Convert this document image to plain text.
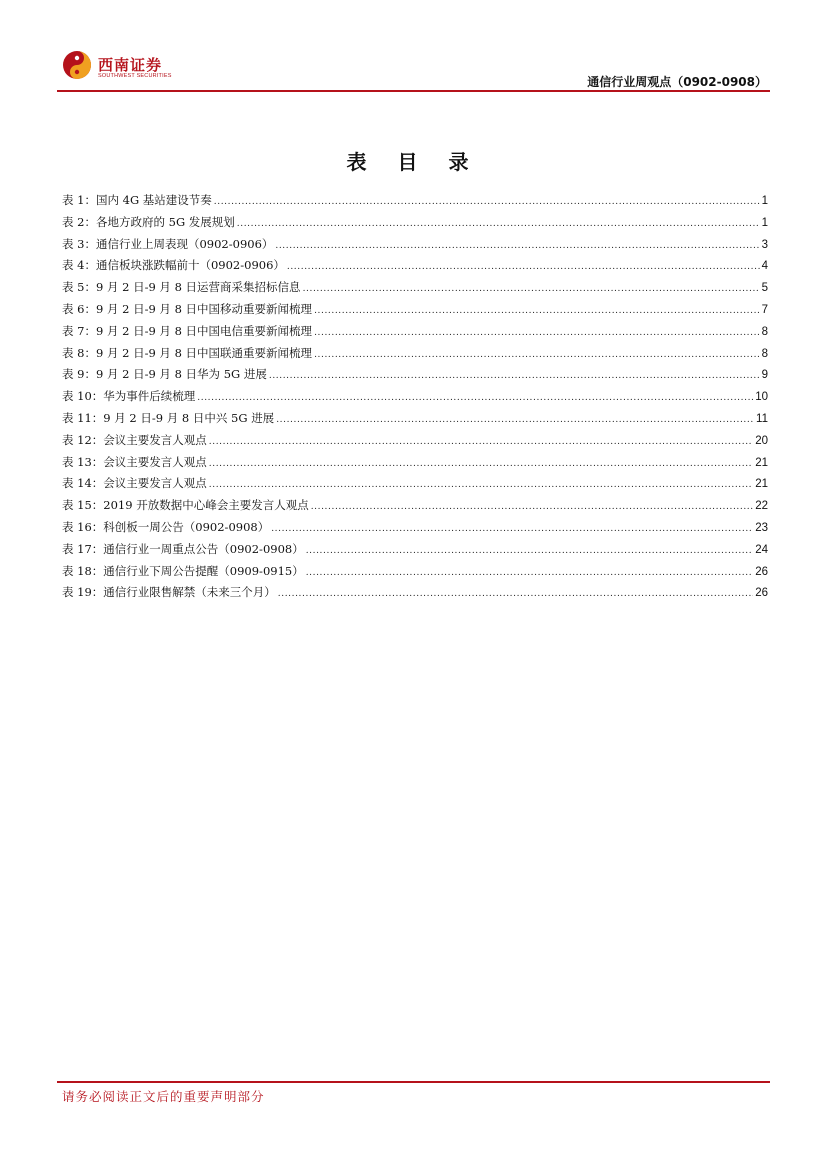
西南证券
SOUTHWEST SECURITIES	通信行业周观点（0902-0908）
表 目 录
表 1：国内 4G 基站建设节奏 .....	1
表 2：各地方政府的 5G 发展规划 .....	1
表 3：通信行业上周表现（0902-0906） .....	3
表 4：通信板块涨跌幅前十（0902-0906） .....	4
表 5：9 月 2 日-9 月 8 日运营商采集招标信息 .....	5
表 6：9 月 2 日-9 月 8 日中国移动重要新闻梳理 .....	7
表 7：9 月 2 日-9 月 8 日中国电信重要新闻梳理 .....	8
表 8：9 月 2 日-9 月 8 日中国联通重要新闻梳理 .....	8
表 9：9 月 2 日-9 月 8 日华为 5G 进展 .....	9
表 10：华为事件后续梳理 .....	10
表 11：9 月 2 日-9 月 8 日中兴 5G 进展 .....	11
表 12：会议主要发言人观点 .....	20
表 13：会议主要发言人观点 .....	21
表 14：会议主要发言人观点 .....	21
表 15：2019 开放数据中心峰会主要发言人观点 .....	22
表 16：科创板一周公告（0902-0908） .....	23
表 17：通信行业一周重点公告（0902-0908） .....	24
表 18：通信行业下周公告提醒（0909-0915） .....	26
表 19：通信行业限售解禁（未来三个月） .....	26
请务必阅读正文后的重要声明部分
